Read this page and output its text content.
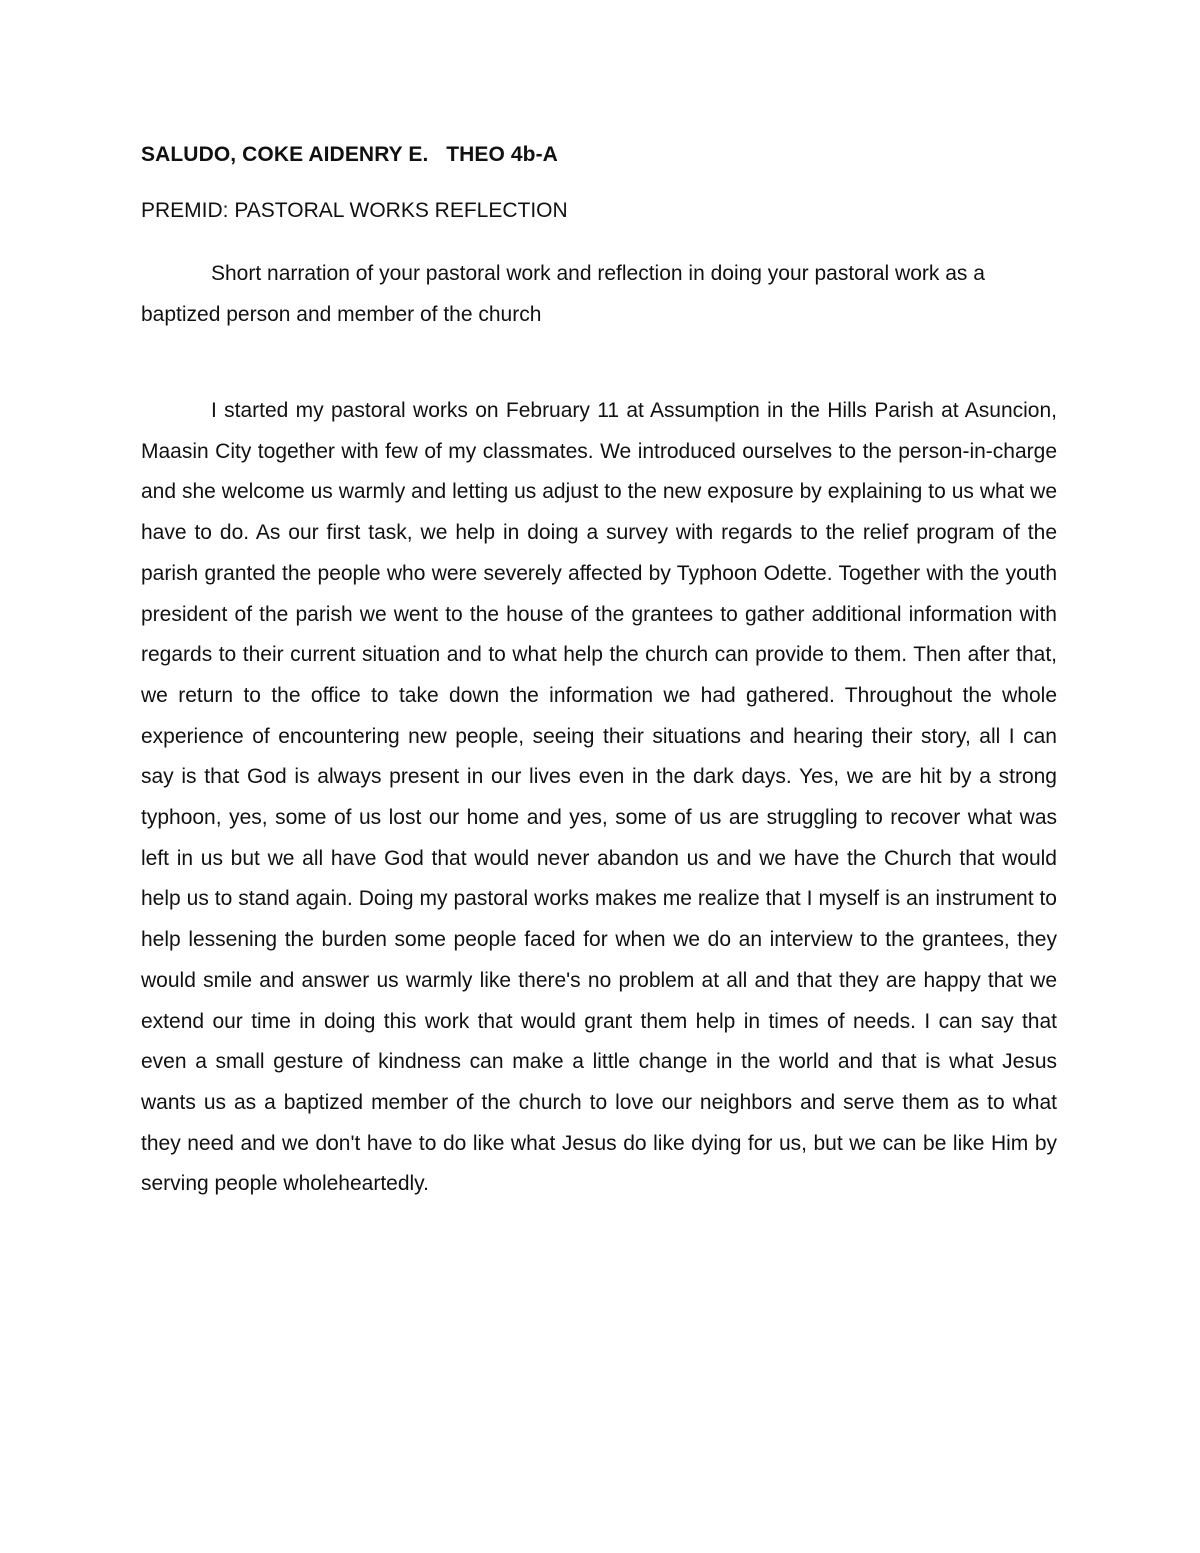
SALUDO, COKE AIDENRY E. THEO 4b-A
PREMID: PASTORAL WORKS REFLECTION
Short narration of your pastoral work and reflection in doing your pastoral work as a baptized person and member of the church

I started my pastoral works on February 11 at Assumption in the Hills Parish at Asuncion, Maasin City together with few of my classmates. We introduced ourselves to the person-in-charge and she welcome us warmly and letting us adjust to the new exposure by explaining to us what we have to do. As our first task, we help in doing a survey with regards to the relief program of the parish granted the people who were severely affected by Typhoon Odette. Together with the youth president of the parish we went to the house of the grantees to gather additional information with regards to their current situation and to what help the church can provide to them. Then after that, we return to the office to take down the information we had gathered. Throughout the whole experience of encountering new people, seeing their situations and hearing their story, all I can say is that God is always present in our lives even in the dark days. Yes, we are hit by a strong typhoon, yes, some of us lost our home and yes, some of us are struggling to recover what was left in us but we all have God that would never abandon us and we have the Church that would help us to stand again. Doing my pastoral works makes me realize that I myself is an instrument to help lessening the burden some people faced for when we do an interview to the grantees, they would smile and answer us warmly like there's no problem at all and that they are happy that we extend our time in doing this work that would grant them help in times of needs. I can say that even a small gesture of kindness can make a little change in the world and that is what Jesus wants us as a baptized member of the church to love our neighbors and serve them as to what they need and we don't have to do like what Jesus do like dying for us, but we can be like Him by serving people wholeheartedly.
